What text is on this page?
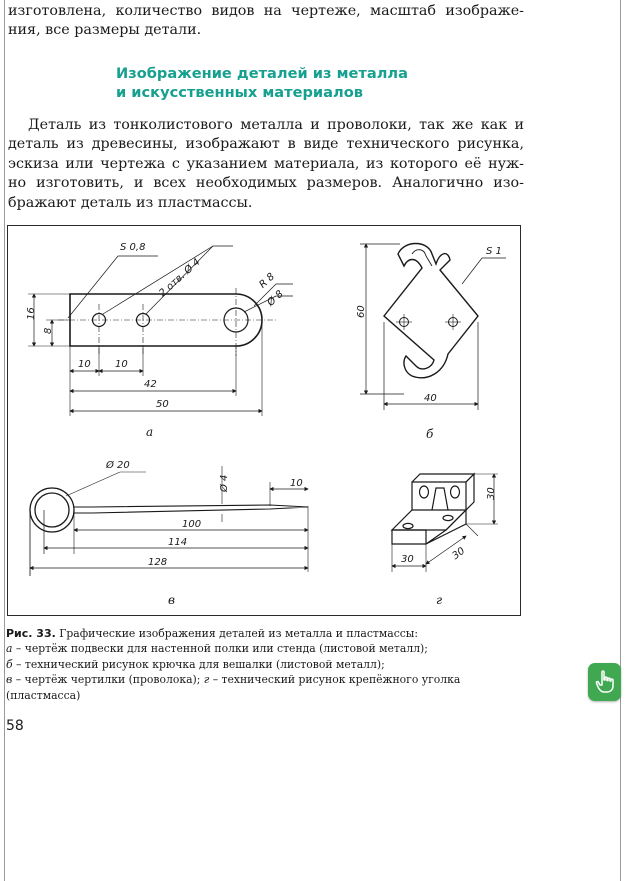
изготовлена, количество видов на чертеже, масштаб изображе-
ния, все размеры детали.
Изображение деталей из металла
и искусственных материалов
Деталь из тонколистового металла и проволоки, так же как и
деталь из древесины, изображают в виде технического рисунка,
эскиза или чертежа с указанием материала, из которого её нуж-
но изготовить, и всех необходимых размеров. Аналогично изо-
бражают деталь из пластмассы.
S 0,8
2 отв. Ø 4	R 8
Ø 8
16
8
10 10
42
50
а
60
40
S 1
б
Ø 20
Ø 4	10
100
114
128
в
30
30	30
г
Рис. 33. Графические изображения деталей из металла и пластмассы:
а – чертёж подвески для настенной полки или стенда (листовой металл);
б – технический рисунок крючка для вешалки (листовой металл);
в – чертёж чертилки (проволока); г – технический рисунок крепёжного уголка
(пластмасса)
58
